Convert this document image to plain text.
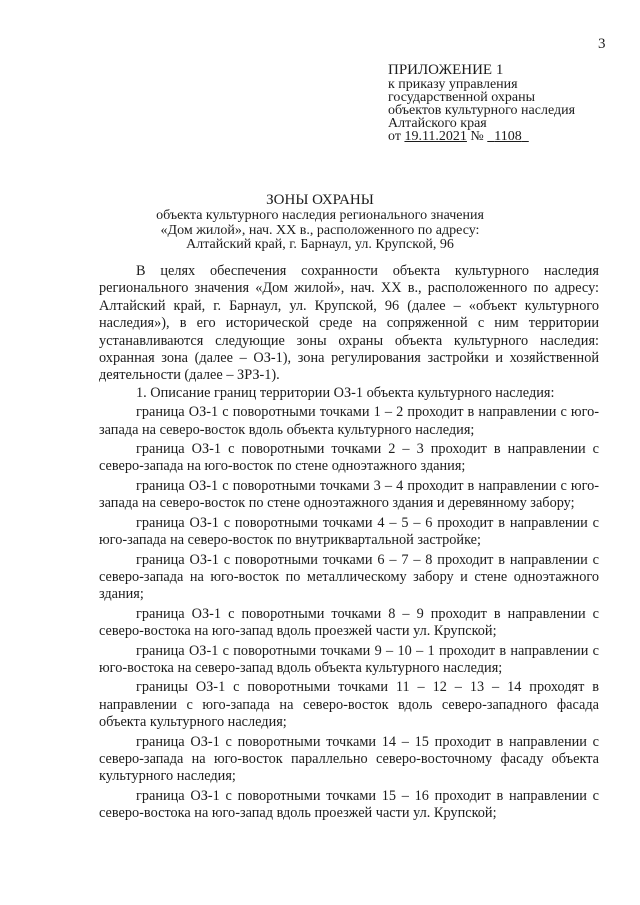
3
ПРИЛОЖЕНИЕ 1
к приказу управления
государственной охраны
объектов культурного наследия
Алтайского края
от 19.11.2021 № 1108
ЗОНЫ ОХРАНЫ
объекта культурного наследия регионального значения
«Дом жилой», нач. XX в., расположенного по адресу:
Алтайский край, г. Барнаул, ул. Крупской, 96

В целях обеспечения сохранности объекта культурного наследия регионального значения «Дом жилой», нач. XX в., расположенного по адресу: Алтайский край, г. Барнаул, ул. Крупской, 96 (далее – «объект культурного наследия»), в его исторической среде на сопряженной с ним территории устанавливаются следующие зоны охраны объекта культурного наследия: охранная зона (далее – ОЗ-1), зона регулирования застройки и хозяйственной деятельности (далее – ЗРЗ-1).

1. Описание границ территории ОЗ-1 объекта культурного наследия:

граница ОЗ-1 с поворотными точками 1 – 2 проходит в направлении с юго-запада на северо-восток вдоль объекта культурного наследия;

граница ОЗ-1 с поворотными точками 2 – 3 проходит в направлении с северо-запада на юго-восток по стене одноэтажного здания;

граница ОЗ-1 с поворотными точками 3 – 4 проходит в направлении с юго-запада на северо-восток по стене одноэтажного здания и деревянному забору;

граница ОЗ-1 с поворотными точками 4 – 5 – 6 проходит в направлении с юго-запада на северо-восток по внутриквартальной застройке;

граница ОЗ-1 с поворотными точками 6 – 7 – 8 проходит в направлении с северо-запада на юго-восток по металлическому забору и стене одноэтажного здания;

граница ОЗ-1 с поворотными точками 8 – 9 проходит в направлении с северо-востока на юго-запад вдоль проезжей части ул. Крупской;

граница ОЗ-1 с поворотными точками 9 – 10 – 1 проходит в направлении с юго-востока на северо-запад вдоль объекта культурного наследия;

границы ОЗ-1 с поворотными точками 11 – 12 – 13 – 14 проходят в направлении с юго-запада на северо-восток вдоль северо-западного фасада объекта культурного наследия;

граница ОЗ-1 с поворотными точками 14 – 15 проходит в направлении с северо-запада на юго-восток параллельно северо-восточному фасаду объекта культурного наследия;

граница ОЗ-1 с поворотными точками 15 – 16 проходит в направлении с северо-востока на юго-запад вдоль проезжей части ул. Крупской;
